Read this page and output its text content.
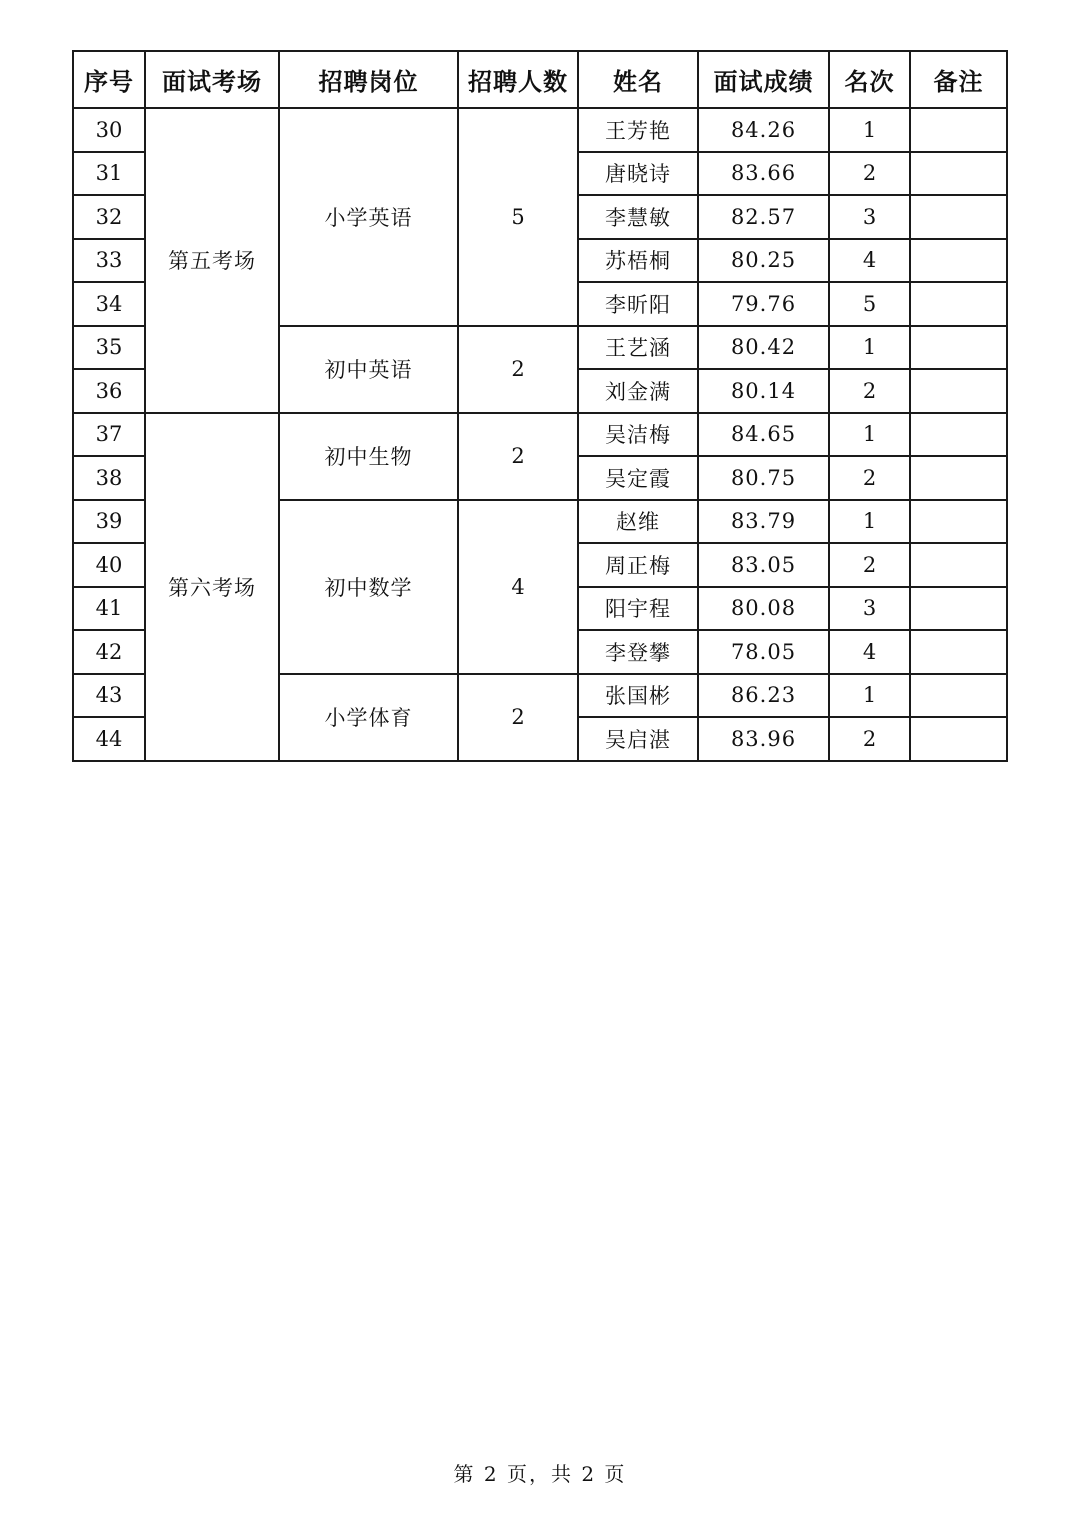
序号	面试考场	招聘岗位	招聘人数	姓名	面试成绩	名次	备注
30	第五考场	小学英语	5	王芳艳	84.26	1	
31				唐晓诗	83.66	2	
32				李慧敏	82.57	3	
33				苏梧桐	80.25	4	
34				李昕阳	79.76	5	
35		初中英语	2	王艺涵	80.42	1	
36				刘金满	80.14	2	
37	第六考场	初中生物	2	吴洁梅	84.65	1	
38				吴定霞	80.75	2	
39		初中数学	4	赵维	83.79	1	
40				周正梅	83.05	2	
41				阳宇程	80.08	3	
42				李登攀	78.05	4	
43		小学体育	2	张国彬	86.23	1	
44				吴启湛	83.96	2	
第 2 页，共 2 页
